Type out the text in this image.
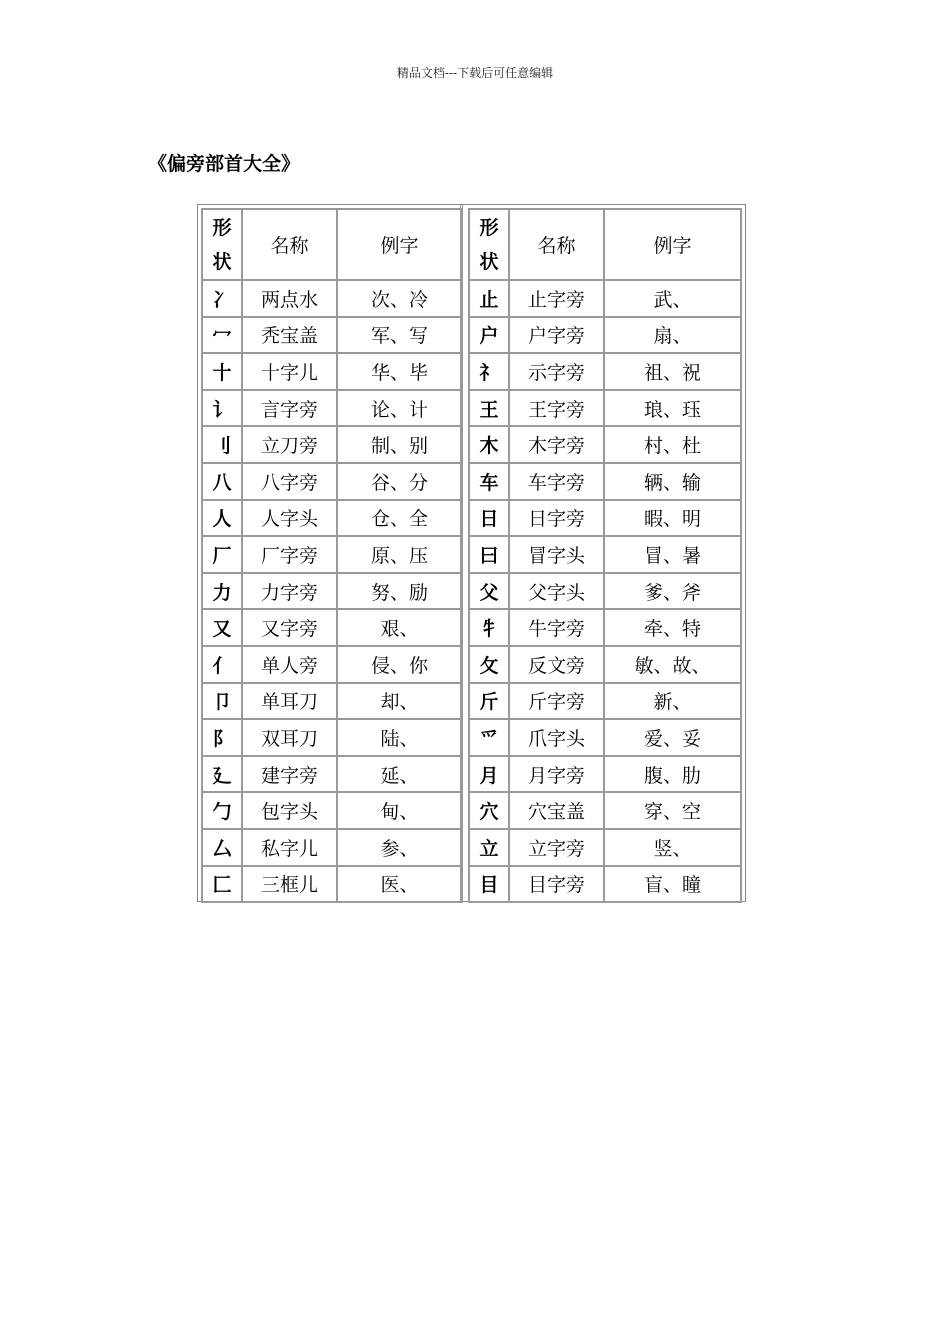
精品文档---下载后可任意编辑
《偏旁部首大全》
形
状	名称	例字
冫	两点水	次、冷
冖	秃宝盖	军、写
十	十字儿	华、毕
讠	言字旁	论、计
刂	立刀旁	制、别
八	八字旁	谷、分
人	人字头	仓、全
厂	厂字旁	原、压
力	力字旁	努、励
又	又字旁	艰、
亻	单人旁	侵、你
卩	单耳刀	却、
阝	双耳刀	陆、
廴	建字旁	延、
勹	包字头	甸、
厶	私字儿	参、
匚	三框儿	医、
形
状	名称	例字
止	止字旁	武、
户	户字旁	扇、
礻	示字旁	祖、祝
王	王字旁	琅、珏
木	木字旁	村、杜
车	车字旁	辆、输
日	日字旁	暇、明
曰	冒字头	冒、暑
父	父字头	爹、斧
牜	牛字旁	牵、特
攵	反文旁	敏、故、
斤	斤字旁	新、
爫	爪字头	爱、妥
月	月字旁	腹、肋
穴	穴宝盖	穿、空
立	立字旁	竖、
目	目字旁	盲、瞳
